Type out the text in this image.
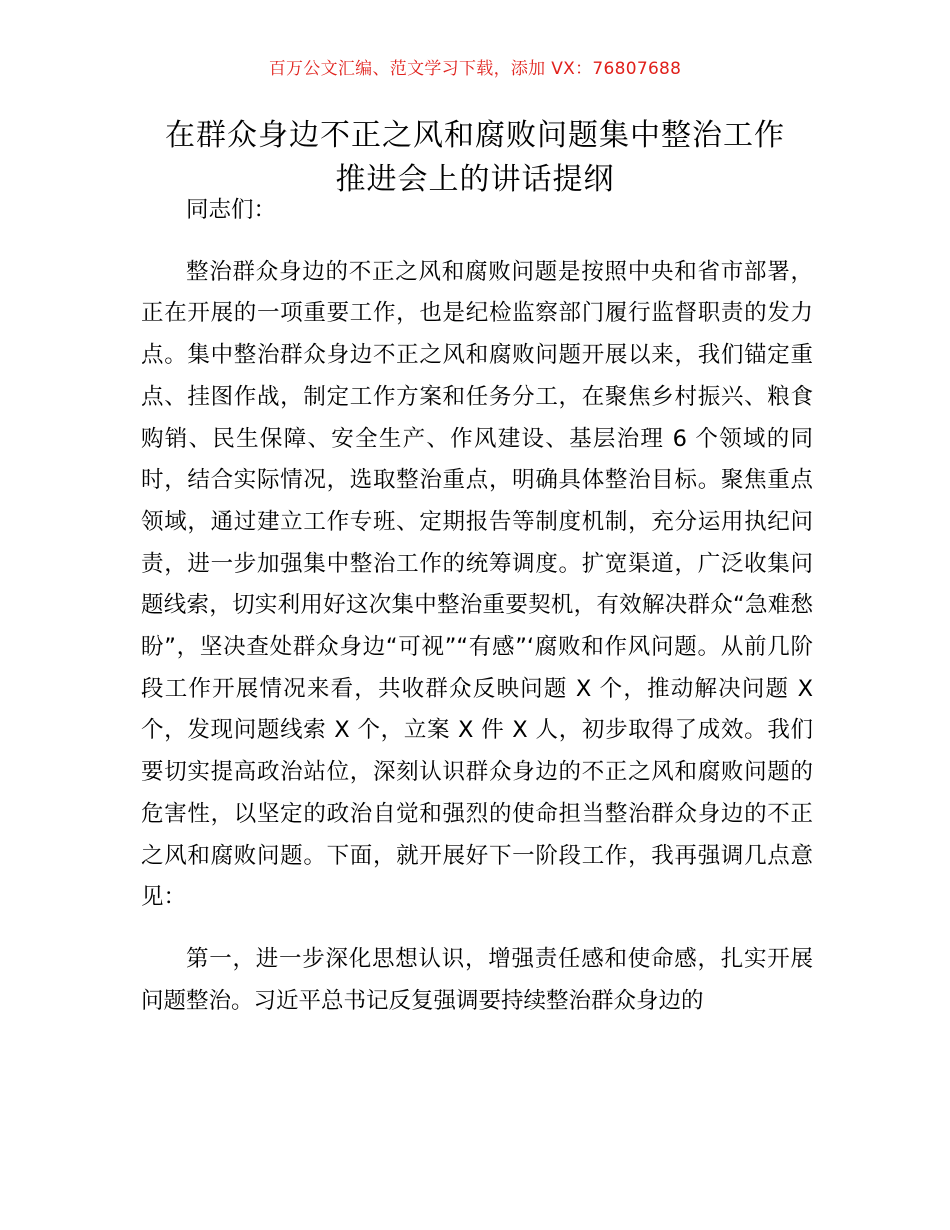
百万公文汇编、范文学习下载，添加 VX：76807688
在群众身边不正之风和腐败问题集中整治工作
推进会上的讲话提纲

同志们：

整治群众身边的不正之风和腐败问题是按照中央和省市部署，正在开展的一项重要工作，也是纪检监察部门履行监督职责的发力点。集中整治群众身边不正之风和腐败问题开展以来，我们锚定重点、挂图作战，制定工作方案和任务分工，在聚焦乡村振兴、粮食购销、民生保障、安全生产、作风建设、基层治理 6 个领域的同时，结合实际情况，选取整治重点，明确具体整治目标。聚焦重点领域，通过建立工作专班、定期报告等制度机制，充分运用执纪问责，进一步加强集中整治工作的统筹调度。扩宽渠道，广泛收集问题线索，切实利用好这次集中整治重要契机，有效解决群众“急难愁盼”，坚决查处群众身边“可视”“有感”‘腐败和作风问题。从前几阶段工作开展情况来看，共收群众反映问题 X 个，推动解决问题 X 个，发现问题线索 X 个，立案 X 件 X 人，初步取得了成效。我们要切实提高政治站位，深刻认识群众身边的不正之风和腐败问题的危害性，以坚定的政治自觉和强烈的使命担当整治群众身边的不正之风和腐败问题。下面，就开展好下一阶段工作，我再强调几点意见：

第一，进一步深化思想认识，增强责任感和使命感，扎实开展问题整治。习近平总书记反复强调要持续整治群众身边的
